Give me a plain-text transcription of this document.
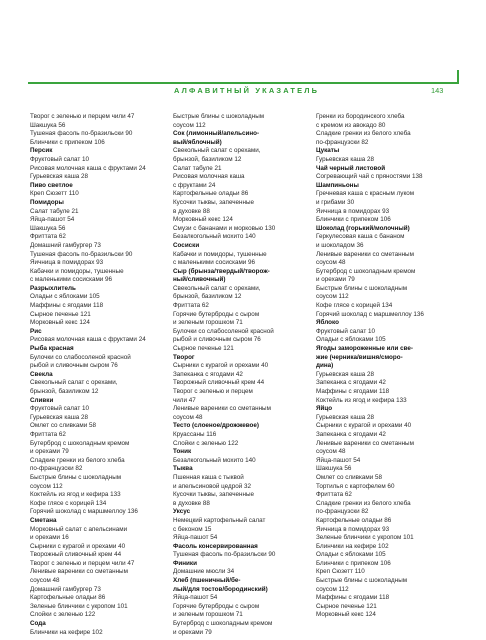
АЛФАВИТНЫЙ УКАЗАТЕЛЬ	143
Творог с зеленью и перцем чили 47
Шакшука 56
Тушеная фасоль по-бразильски 90
Блинчики с припеком 106
Персик
Фруктовый салат 10
Рисовая молочная каша с фруктами 24
Гурьевская каша 28
Пиво светлое
Креп Сюзетт 110
Помидоры
Салат табуле 21
Яйца-пашот 54
Шакшука 56
Фриттата 62
Домашний гамбургер 73
Тушеная фасоль по-бразильски 90
Яичница в помидорах 93
Кабачки и помидоры, тушенные
с маленькими сосисками 96
Разрыхлитель
Оладьи с яблоками 105
Маффины с ягодами 118
Сырное печенье 121
Морковный кекс 124
Рис
Рисовая молочная каша с фруктами 24
Рыба красная
Булочки со слабосоленой красной
рыбой и сливочным сыром 76
Свекла
Свекольный салат с орехами,
брынзой, базиликом 12
Сливки
Фруктовый салат 10
Гурьевская каша 28
Омлет со сливками 58
Фриттата 62
Бутерброд с шоколадным кремом
и орехами 79
Сладкие гренки из белого хлеба
по-французски 82
Быстрые блины с шоколадным
соусом 112
Коктейль из ягод и кефира 133
Кофе глясе с корицей 134
Горячий шоколад с маршмеллоу 136
Сметана
Морковный салат с апельсинами
и орехами 16
Сырники с курагой и орехами 40
Творожный сливочный крем 44
Творог с зеленью и перцем чили 47
Ленивые вареники со сметанным
соусом 48
Домашний гамбургер 73
Картофельные оладьи 86
Зеленые блинчики с укропом 101
Слойки с зеленью 122
Сода
Блинчики на кефире 102
Быстрые блины с шоколадным
соусом 112
Сок (лимонный/апельсино-
вый/яблочный)
Свекольный салат с орехами,
брынзой, базиликом 12
Салат табуле 21
Рисовая молочная каша
с фруктами 24
Картофельные оладьи 86
Кусочки тыквы, запеченные
в духовке 88
Морковный кекс 124
Смузи с бананами и морковью 130
Безалкогольный мохито 140
Сосиски
Кабачки и помидоры, тушенные
с маленькими сосисками 96
Сыр (брынза/твердый/творож-
ный/сливочный)
Свекольный салат с орехами,
брынзой, базиликом 12
Фриттата 62
Горячие бутерброды с сыром
и зеленым горошком 71
Булочки со слабосоленой красной
рыбой и сливочным сыром 76
Сырное печенье 121
Творог
Сырники с курагой и орехами 40
Запеканка с ягодами 42
Творожный сливочный крем 44
Творог с зеленью и перцем
чили 47
Ленивые вареники со сметанным
соусом 48
Тесто (слоеное/дрожжевое)
Круассаны 116
Слойки с зеленью 122
Тоник
Безалкогольный мохито 140
Тыква
Пшенная каша с тыквой
и апельсиновой цедрой 32
Кусочки тыквы, запеченные
в духовке 88
Уксус
Немецкий картофельный салат
с беконом 15
Яйца-пашот 54
Фасоль консервированная
Тушеная фасоль по-бразильски 90
Финики
Домашние мюсли 34
Хлеб (пшеничный/бе-
лый/для тостов/бородинский)
Яйца-пашот 54
Горячие бутерброды с сыром
и зеленым горошком 71
Бутерброд с шоколадным кремом
и орехами 79
Гренки из бородинского хлеба
с кремом из авокадо 80
Сладкие гренки из белого хлеба
по-французски 82
Цукаты
Гурьевская каша 28
Чай черный листовой
Согревающий чай с пряностями 138
Шампиньоны
Гречневая каша с красным луком
и грибами 30
Яичница в помидорах 93
Блинчики с припеком 106
Шоколад (горький/молочный)
Геркулесовая каша с бананом
и шоколадом 36
Ленивые вареники со сметанным
соусом 48
Бутерброд с шоколадным кремом
и орехами 79
Быстрые блины с шоколадным
соусом 112
Кофе глясе с корицей 134
Горячий шоколад с маршмеллоу 136
Яблоко
Фруктовый салат 10
Оладьи с яблоками 105
Ягоды замороженные или све-
жие (черника/вишня/сморо-
дина)
Гурьевская каша 28
Запеканка с ягодами 42
Маффины с ягодами 118
Коктейль из ягод и кефира 133
Яйцо
Гурьевская каша 28
Сырники с курагой и орехами 40
Запеканка с ягодами 42
Ленивые вареники со сметанным
соусом 48
Яйца-пашот 54
Шакшука 56
Омлет со сливками 58
Тортилья с картофелем 60
Фриттата 62
Сладкие гренки из белого хлеба
по-французски 82
Картофельные оладьи 86
Яичница в помидорах 93
Зеленые блинчики с укропом 101
Блинчики на кефире 102
Оладьи с яблоками 105
Блинчики с припеком 106
Креп Сюзетт 110
Быстрые блины с шоколадным
соусом 112
Маффины с ягодами 118
Сырное печенье 121
Морковный кекс 124
